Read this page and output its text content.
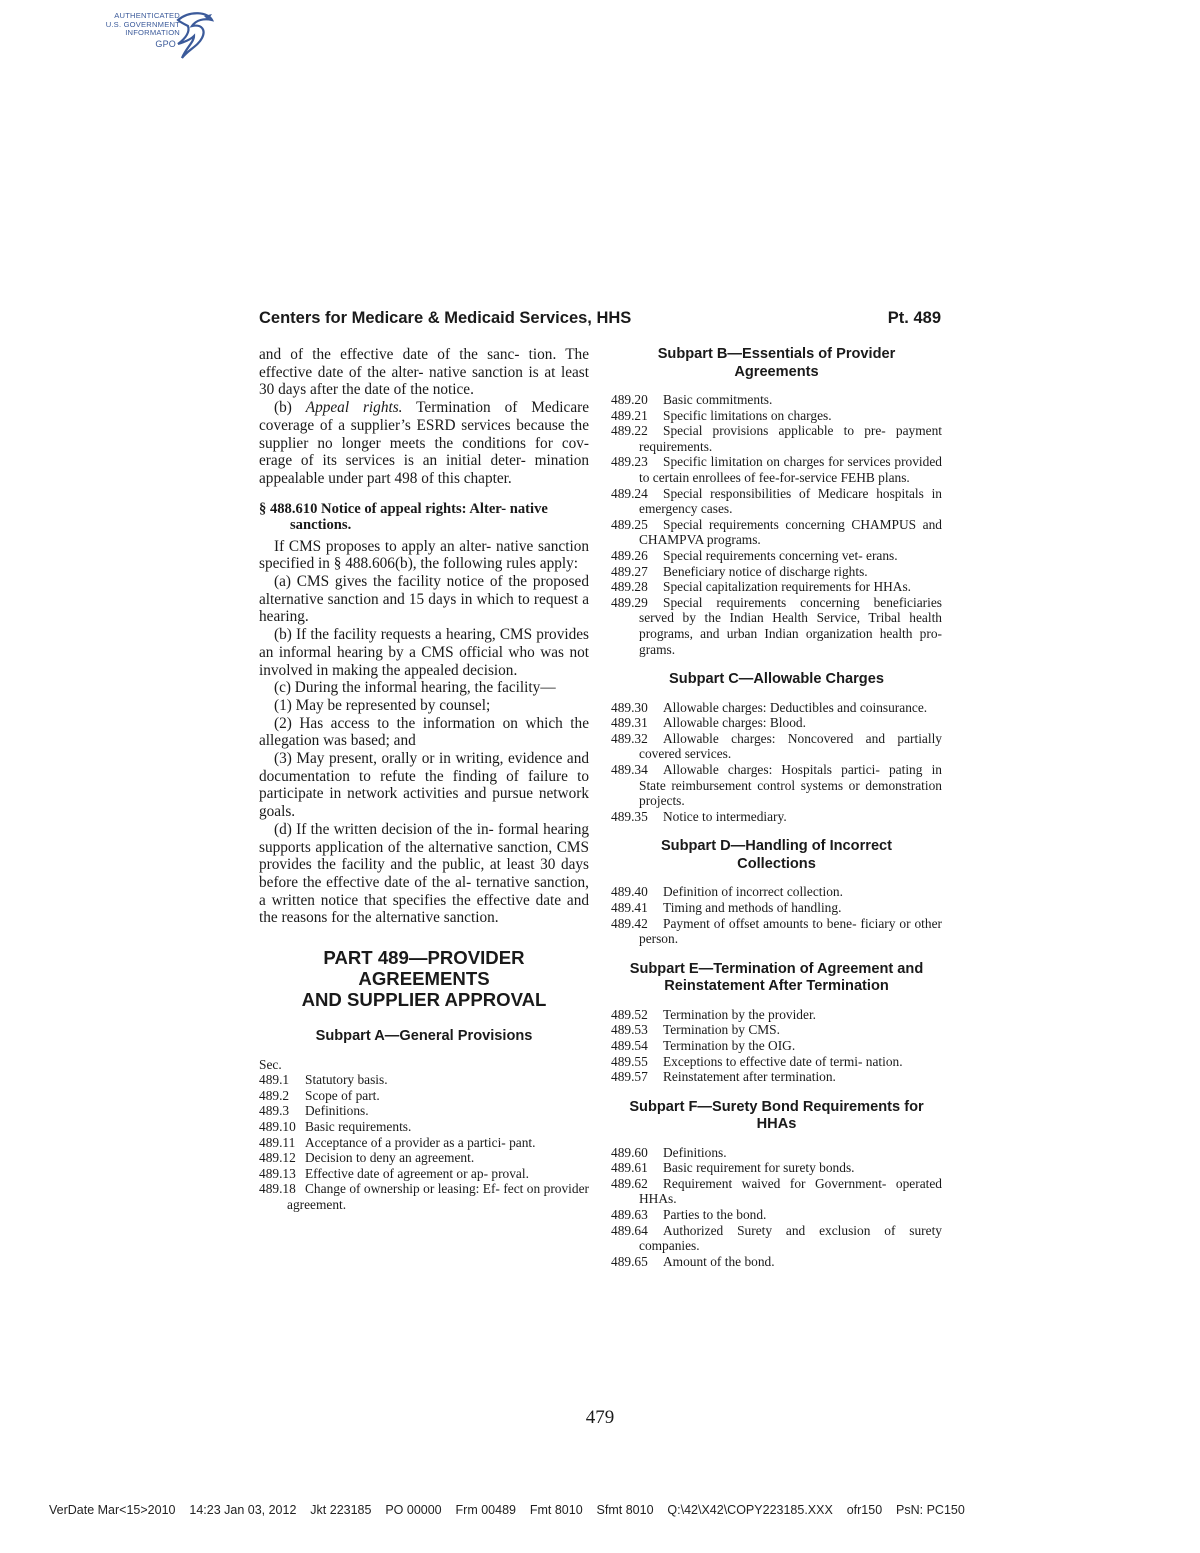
AUTHENTICATED
U.S. GOVERNMENT
INFORMATION
GPO
Centers for Medicare & Medicaid Services, HHS	Pt. 489

and of the effective date of the sanc- tion. The effective date of the alter- native sanction is at least 30 days after the date of the notice.

(b) Appeal rights. Termination of Medicare coverage of a supplier’s ESRD services because the supplier no longer meets the conditions for cov- erage of its services is an initial deter- mination appealable under part 498 of this chapter.

§ 488.610 Notice of appeal rights: Alter- native sanctions.

If CMS proposes to apply an alter- native sanction specified in § 488.606(b), the following rules apply:

(a) CMS gives the facility notice of the proposed alternative sanction and 15 days in which to request a hearing.

(b) If the facility requests a hearing, CMS provides an informal hearing by a CMS official who was not involved in making the appealed decision.

(c) During the informal hearing, the facility—

(1) May be represented by counsel;

(2) Has access to the information on which the allegation was based; and

(3) May present, orally or in writing, evidence and documentation to refute the finding of failure to participate in network activities and pursue network goals.

(d) If the written decision of the in- formal hearing supports application of the alternative sanction, CMS provides the facility and the public, at least 30 days before the effective date of the al- ternative sanction, a written notice that specifies the effective date and the reasons for the alternative sanction.

PART 489—PROVIDER AGREEMENTS
AND SUPPLIER APPROVAL
Subpart A—General Provisions

Sec.

489.1 Statutory basis.
489.2 Scope of part.
489.3 Definitions.
489.10 Basic requirements.
489.11 Acceptance of a provider as a partici- pant.
489.12 Decision to deny an agreement.
489.13 Effective date of agreement or ap- proval.
489.18 Change of ownership or leasing: Ef- fect on provider agreement.
Subpart B—Essentials of Provider
Agreements
489.20 Basic commitments.
489.21 Specific limitations on charges.
489.22 Special provisions applicable to pre- payment requirements.
489.23 Specific limitation on charges for services provided to certain enrollees of fee-for-service FEHB plans.
489.24 Special responsibilities of Medicare hospitals in emergency cases.
489.25 Special requirements concerning CHAMPUS and CHAMPVA programs.
489.26 Special requirements concerning vet- erans.
489.27 Beneficiary notice of discharge rights.
489.28 Special capitalization requirements for HHAs.
489.29 Special requirements concerning beneficiaries served by the Indian Health Service, Tribal health programs, and urban Indian organization health pro- grams.
Subpart C—Allowable Charges
489.30 Allowable charges: Deductibles and coinsurance.
489.31 Allowable charges: Blood.
489.32 Allowable charges: Noncovered and partially covered services.
489.34 Allowable charges: Hospitals partici- pating in State reimbursement control systems or demonstration projects.
489.35 Notice to intermediary.
Subpart D—Handling of Incorrect
Collections
489.40 Definition of incorrect collection.
489.41 Timing and methods of handling.
489.42 Payment of offset amounts to bene- ficiary or other person.
Subpart E—Termination of Agreement and
Reinstatement After Termination
489.52 Termination by the provider.
489.53 Termination by CMS.
489.54 Termination by the OIG.
489.55 Exceptions to effective date of termi- nation.
489.57 Reinstatement after termination.
Subpart F—Surety Bond Requirements for
HHAs
489.60 Definitions.
489.61 Basic requirement for surety bonds.
489.62 Requirement waived for Government- operated HHAs.
489.63 Parties to the bond.
489.64 Authorized Surety and exclusion of surety companies.
489.65 Amount of the bond.
479
VerDate Mar<15>2010    14:23 Jan 03, 2012    Jkt 223185    PO 00000    Frm 00489    Fmt 8010    Sfmt 8010    Q:\42\X42\COPY223185.XXX    ofr150    PsN: PC150
